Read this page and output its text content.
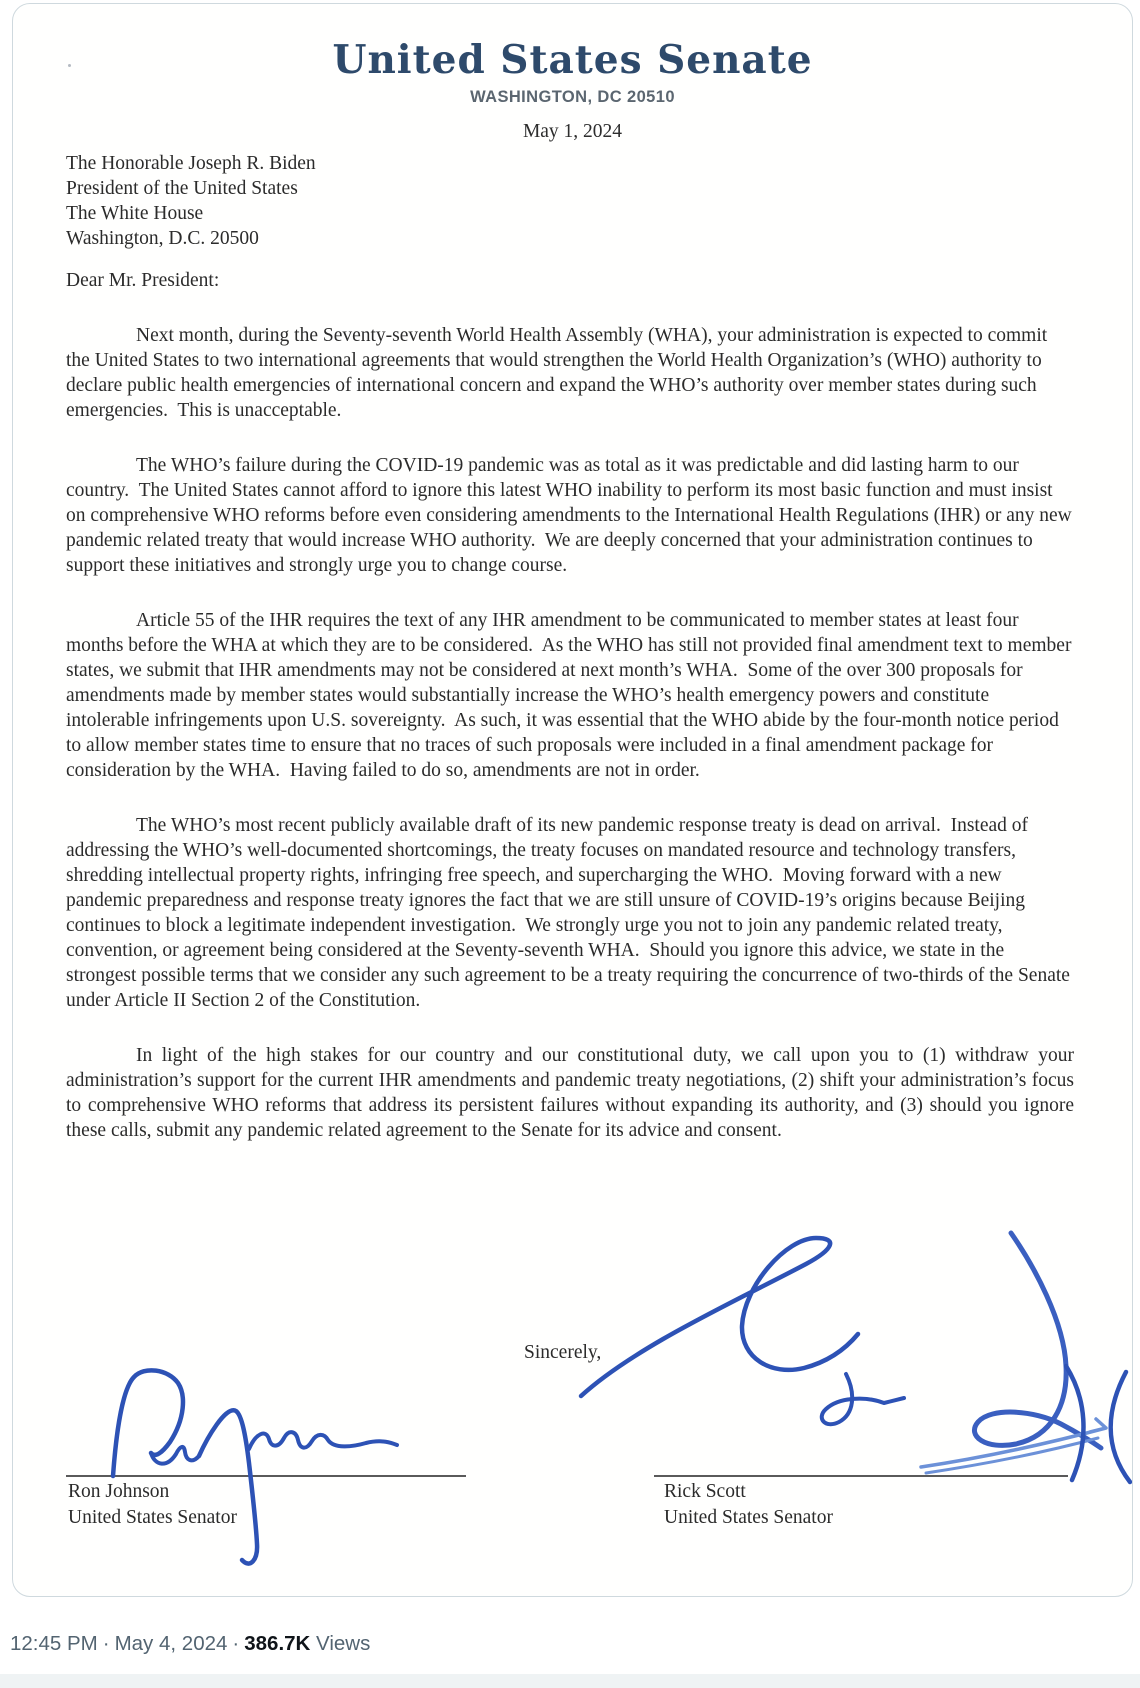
United States Senate
WASHINGTON, DC 20510
May 1, 2024
The Honorable Joseph R. Biden
President of the United States
The White House
Washington, D.C. 20500
Dear Mr. President:

Next month, during the Seventy-seventh World Health Assembly (WHA), your administration is expected to commit the United States to two international agreements that would strengthen the World Health Organization’s (WHO) authority to declare public health emergencies of international concern and expand the WHO’s authority over member states during such emergencies.  This is unacceptable.

The WHO’s failure during the COVID-19 pandemic was as total as it was predictable and did lasting harm to our country.  The United States cannot afford to ignore this latest WHO inability to perform its most basic function and must insist on comprehensive WHO reforms before even considering amendments to the International Health Regulations (IHR) or any new pandemic related treaty that would increase WHO authority.  We are deeply concerned that your administration continues to support these initiatives and strongly urge you to change course.

Article 55 of the IHR requires the text of any IHR amendment to be communicated to member states at least four months before the WHA at which they are to be considered.  As the WHO has still not provided final amendment text to member states, we submit that IHR amendments may not be considered at next month’s WHA.  Some of the over 300 proposals for amendments made by member states would substantially increase the WHO’s health emergency powers and constitute intolerable infringements upon U.S. sovereignty.  As such, it was essential that the WHO abide by the four-month notice period to allow member states time to ensure that no traces of such proposals were included in a final amendment package for consideration by the WHA.  Having failed to do so, amendments are not in order.

The WHO’s most recent publicly available draft of its new pandemic response treaty is dead on arrival.  Instead of addressing the WHO’s well-documented shortcomings, the treaty focuses on mandated resource and technology transfers, shredding intellectual property rights, infringing free speech, and supercharging the WHO.  Moving forward with a new pandemic preparedness and response treaty ignores the fact that we are still unsure of COVID-19’s origins because Beijing continues to block a legitimate independent investigation.  We strongly urge you not to join any pandemic related treaty, convention, or agreement being considered at the Seventy-seventh WHA.  Should you ignore this advice, we state in the strongest possible terms that we consider any such agreement to be a treaty requiring the concurrence of two-thirds of the Senate under Article II Section 2 of the Constitution.

In light of the high stakes for our country and our constitutional duty, we call upon you to (1) withdraw your administration’s support for the current IHR amendments and pandemic treaty negotiations, (2) shift your administration’s focus to comprehensive WHO reforms that address its persistent failures without expanding its authority, and (3) should you ignore these calls, submit any pandemic related agreement to the Senate for its advice and consent.

Sincerely,
Ron Johnson
United States Senator
Rick Scott
United States Senator
12:45 PM · May 4, 2024 · 386.7K Views
